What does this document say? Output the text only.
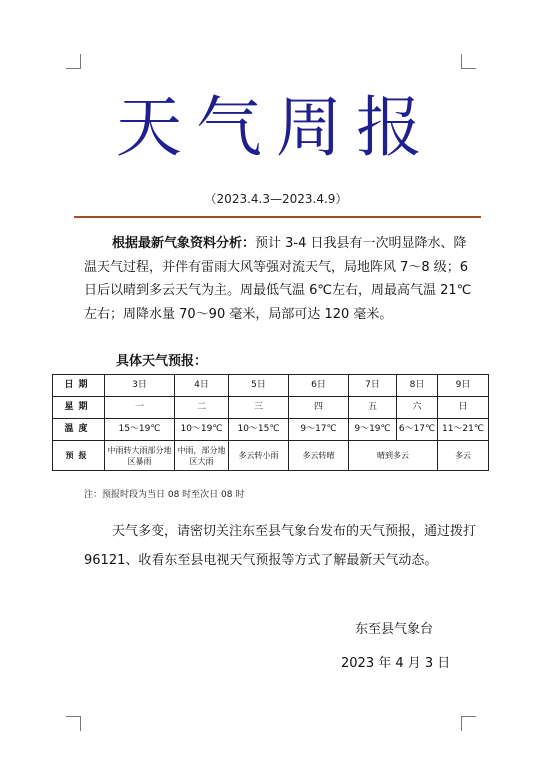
天气周报
（2023.4.3—2023.4.9）
根据最新气象资料分析：预计 3-4 日我县有一次明显降水、降温天气过程，并伴有雷雨大风等强对流天气，局地阵风 7～8 级；6 日后以晴到多云天气为主。周最低气温 6℃左右，周最高气温 21℃左右；周降水量 70～90 毫米，局部可达 120 毫米。
具体天气预报：
日期	3日	4日	5日	6日	7日	8日	9日
星期	一	二	三	四	五	六	日
温度	15～19℃	10～19℃	10～15℃	9～17℃	9～19℃	6～17℃	11～21℃
预报	中雨转大雨部分地区暴雨	中雨，部分地区大雨	多云转小雨	多云转晴	晴到多云		多云
注：预报时段为当日 08 时至次日 08 时
天气多变，请密切关注东至县气象台发布的天气预报，通过拨打 96121、收看东至县电视天气预报等方式了解最新天气动态。
东至县气象台
2023 年 4 月 3 日
